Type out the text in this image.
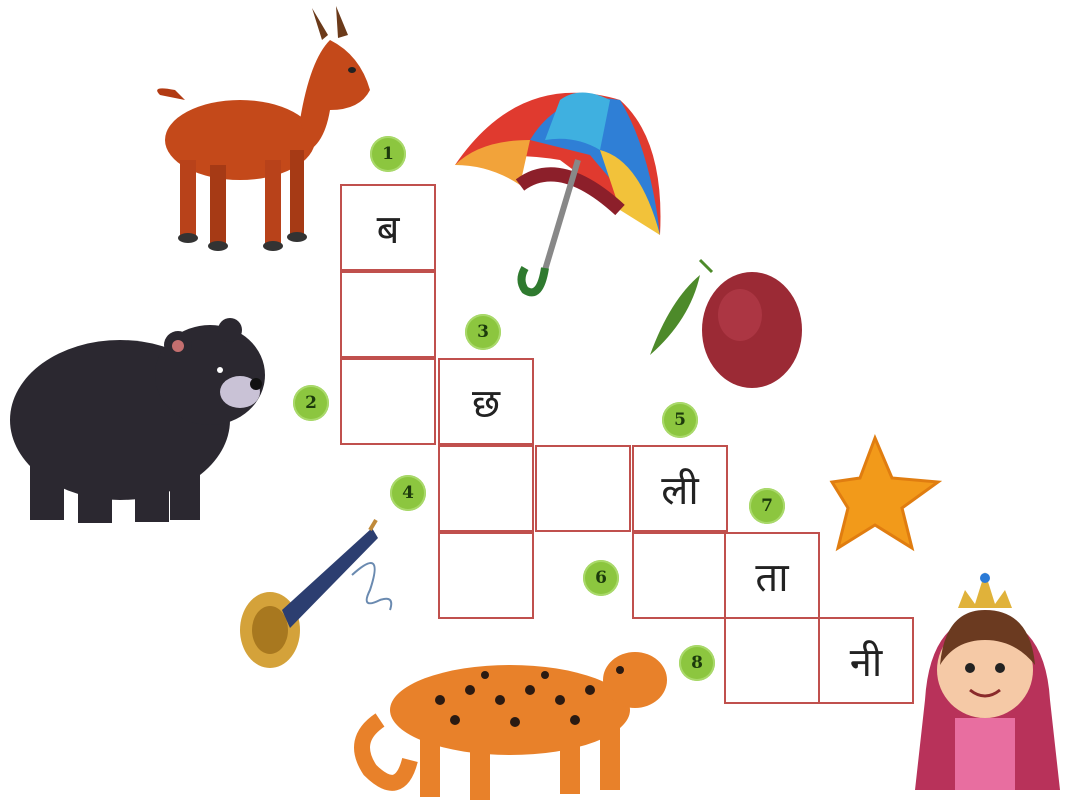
ब
छ
ली
ता
नी
1
2
3
4
5
6
7
8
